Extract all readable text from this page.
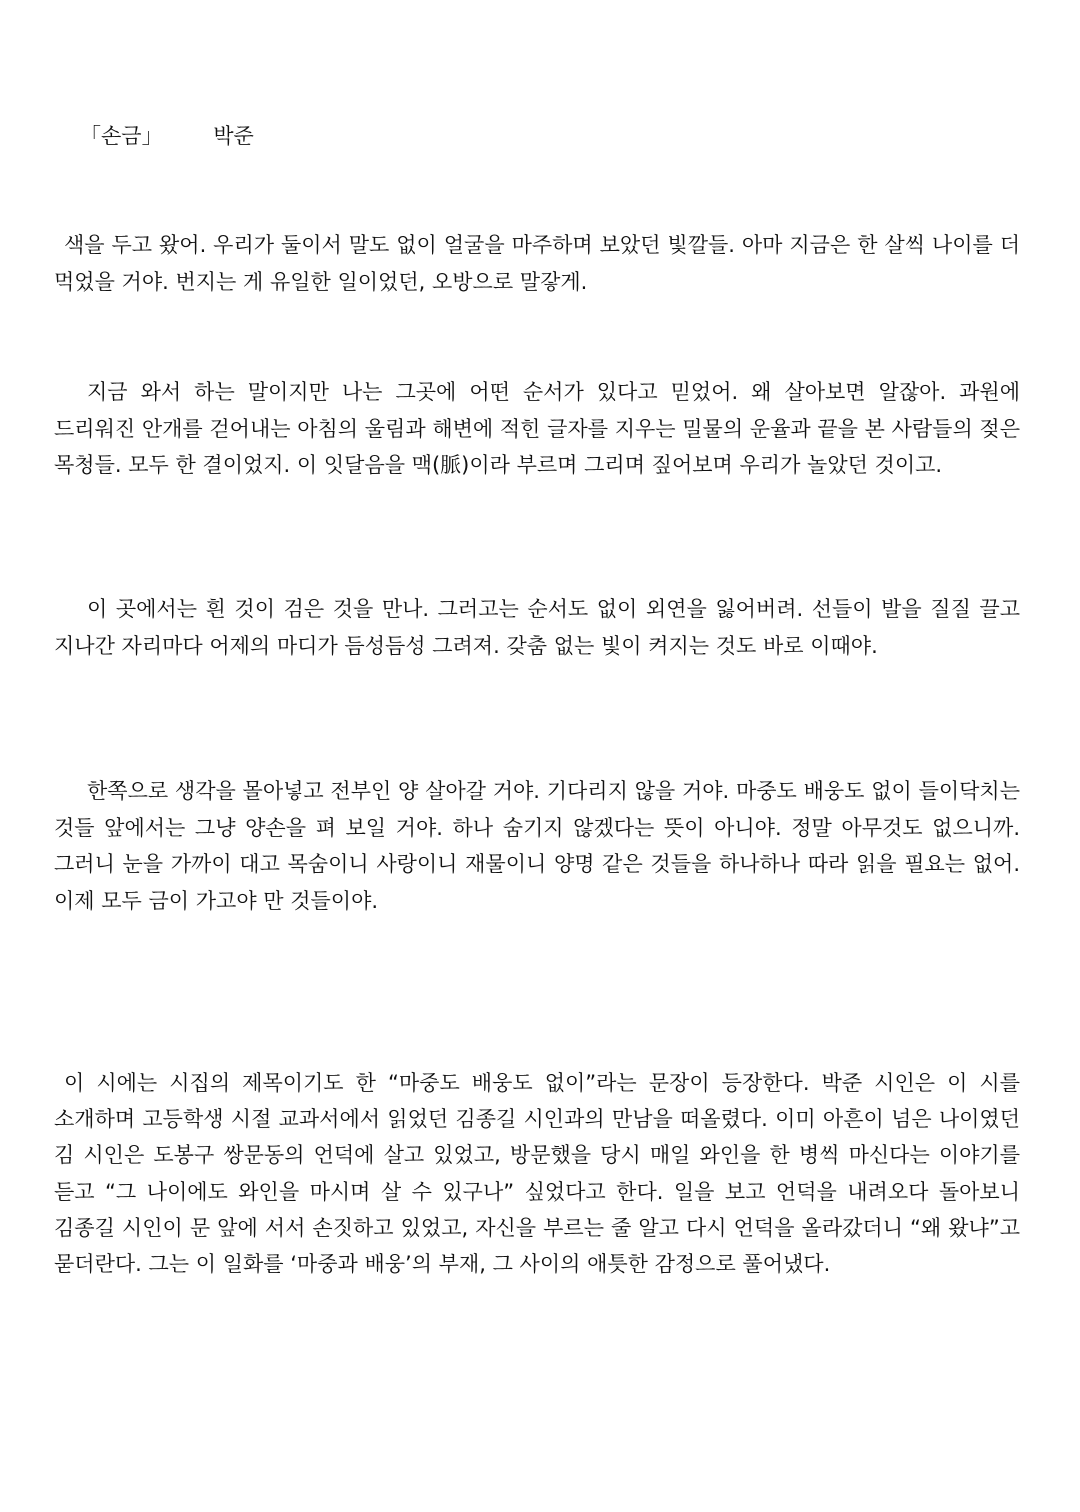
「손금」 박준

색을 두고 왔어. 우리가 둘이서 말도 없이 얼굴을 마주하며 보았던 빛깔들. 아마 지금은 한 살씩 나이를 더 먹었을 거야. 번지는 게 유일한 일이었던, 오방으로 말갛게.

지금 와서 하는 말이지만 나는 그곳에 어떤 순서가 있다고 믿었어. 왜 살아보면 알잖아. 과원에 드리워진 안개를 걷어내는 아침의 울림과 해변에 적힌 글자를 지우는 밀물의 운율과 끝을 본 사람들의 젖은 목청들. 모두 한 결이었지. 이 잇달음을 맥(脈)이라 부르며 그리며 짚어보며 우리가 놀았던 것이고.

이 곳에서는 흰 것이 검은 것을 만나. 그러고는 순서도 없이 외연을 잃어버려. 선들이 발을 질질 끌고 지나간 자리마다 어제의 마디가 듬성듬성 그려져. 갖춤 없는 빛이 켜지는 것도 바로 이때야.

한쪽으로 생각을 몰아넣고 전부인 양 살아갈 거야. 기다리지 않을 거야. 마중도 배웅도 없이 들이닥치는 것들 앞에서는 그냥 양손을 펴 보일 거야. 하나 숨기지 않겠다는 뜻이 아니야. 정말 아무것도 없으니까. 그러니 눈을 가까이 대고 목숨이니 사랑이니 재물이니 양명 같은 것들을 하나하나 따라 읽을 필요는 없어. 이제 모두 금이 가고야 만 것들이야.

이 시에는 시집의 제목이기도 한 “마중도 배웅도 없이”라는 문장이 등장한다. 박준 시인은 이 시를 소개하며 고등학생 시절 교과서에서 읽었던 김종길 시인과의 만남을 떠올렸다. 이미 아흔이 넘은 나이였던 김 시인은 도봉구 쌍문동의 언덕에 살고 있었고, 방문했을 당시 매일 와인을 한 병씩 마신다는 이야기를 듣고 “그 나이에도 와인을 마시며 살 수 있구나” 싶었다고 한다. 일을 보고 언덕을 내려오다 돌아보니 김종길 시인이 문 앞에 서서 손짓하고 있었고, 자신을 부르는 줄 알고 다시 언덕을 올라갔더니 “왜 왔냐”고 묻더란다. 그는 이 일화를 ‘마중과 배웅’의 부재, 그 사이의 애틋한 감정으로 풀어냈다.
